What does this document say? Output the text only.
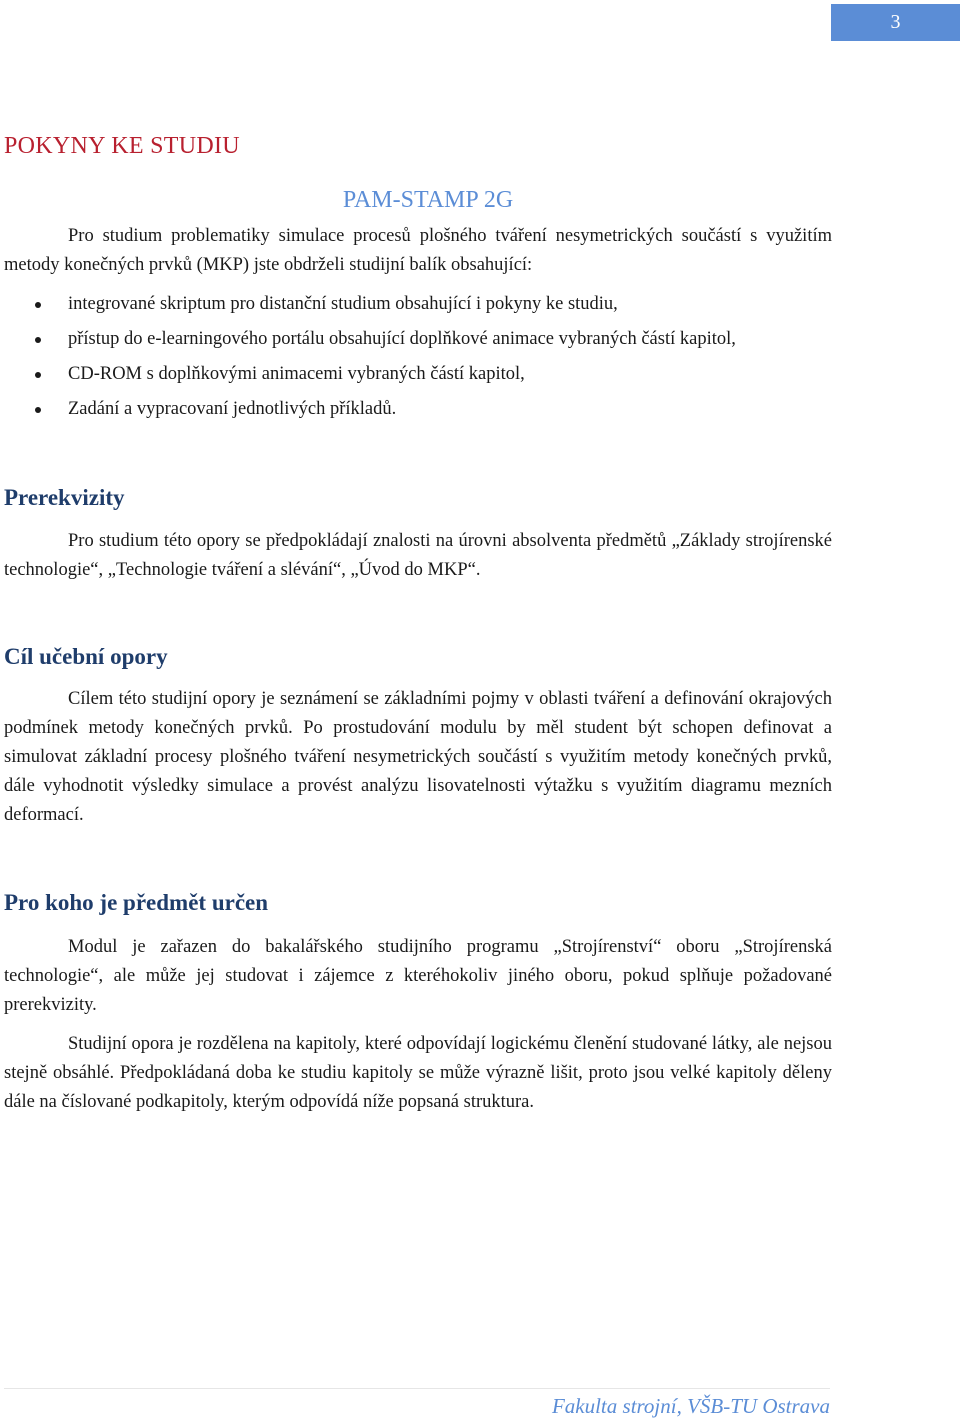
3
POKYNY KE STUDIU
PAM-STAMP 2G

Pro studium problematiky simulace procesů plošného tváření nesymetrických součástí s využitím metody konečných prvků (MKP) jste obdrželi studijní balík obsahující:

integrované skriptum pro distanční studium obsahující i pokyny ke studiu,
přístup do e-learningového portálu obsahující doplňkové animace vybraných částí kapitol,
CD-ROM s doplňkovými animacemi vybraných částí kapitol,
Zadání a vypracovaní jednotlivých příkladů.
Prerekvizity

Pro studium této opory se předpokládají znalosti na úrovni absolventa předmětů „Základy strojírenské technologie“, „Technologie tváření a slévání“, „Úvod do MKP“.

Cíl učební opory

Cílem této studijní opory je seznámení se základními pojmy v oblasti tváření a definování okrajových podmínek metody konečných prvků. Po prostudování modulu by měl student být schopen definovat a simulovat základní procesy plošného tváření nesymetrických součástí s využitím metody konečných prvků, dále vyhodnotit výsledky simulace a provést analýzu lisovatelnosti výtažku s využitím diagramu mezních deformací.

Pro koho je předmět určen

Modul je zařazen do bakalářského studijního programu „Strojírenství“ oboru „Strojírenská technologie“, ale může jej studovat i zájemce z kteréhokoliv jiného oboru, pokud splňuje požadované prerekvizity.

Studijní opora je rozdělena na kapitoly, které odpovídají logickému členění studované látky, ale nejsou stejně obsáhlé. Předpokládaná doba ke studiu kapitoly se může výrazně lišit, proto jsou velké kapitoly děleny dále na číslované podkapitoly, kterým odpovídá níže popsaná struktura.

Fakulta strojní, VŠB-TU Ostrava
